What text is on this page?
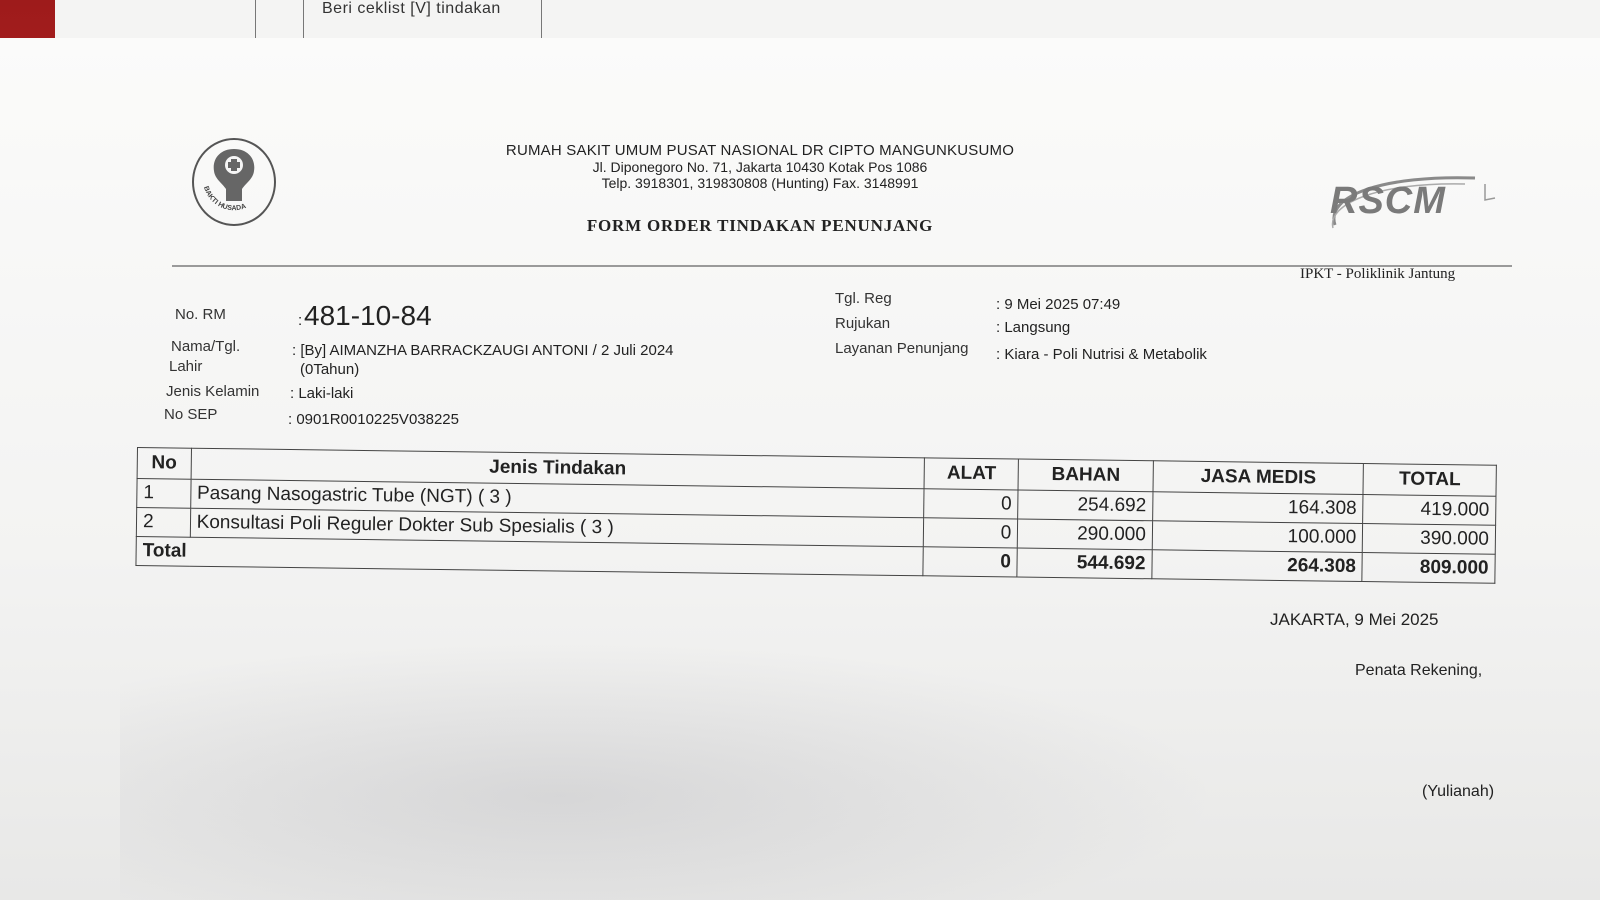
Beri ceklist [V] tindakan
BAKTI HUSADA
RUMAH SAKIT UMUM PUSAT NASIONAL DR CIPTO MANGUNKUSUMO
Jl. Diponegoro No. 71, Jakarta 10430 Kotak Pos 1086
Telp. 3918301, 319830808 (Hunting) Fax. 3148991
FORM ORDER TINDAKAN PENUNJANG
RSCM
IPKT - Poliklinik Jantung
No. RM	: 481-10-84
Nama/Tgl.
Lahir
: [By] AIMANZHA BARRACKZAUGI ANTONI / 2 Juli 2024
(0Tahun)
Jenis Kelamin : Laki-laki
No SEP	: 0901R0010225V038225
Tgl. Reg	: 9 Mei 2025 07:49
Rujukan	: Langsung
Layanan Penunjang : Kiara - Poli Nutrisi & Metabolik
No	Jenis Tindakan	ALAT	BAHAN	JASA MEDIS	TOTAL
1	Pasang Nasogastric Tube (NGT) ( 3 )	0	254.692	164.308	419.000
2	Konsultasi Poli Reguler Dokter Sub Spesialis ( 3 )	0	290.000	100.000	390.000
Total		0	544.692	264.308	809.000
JAKARTA, 9 Mei 2025
Penata Rekening,
(Yulianah)
